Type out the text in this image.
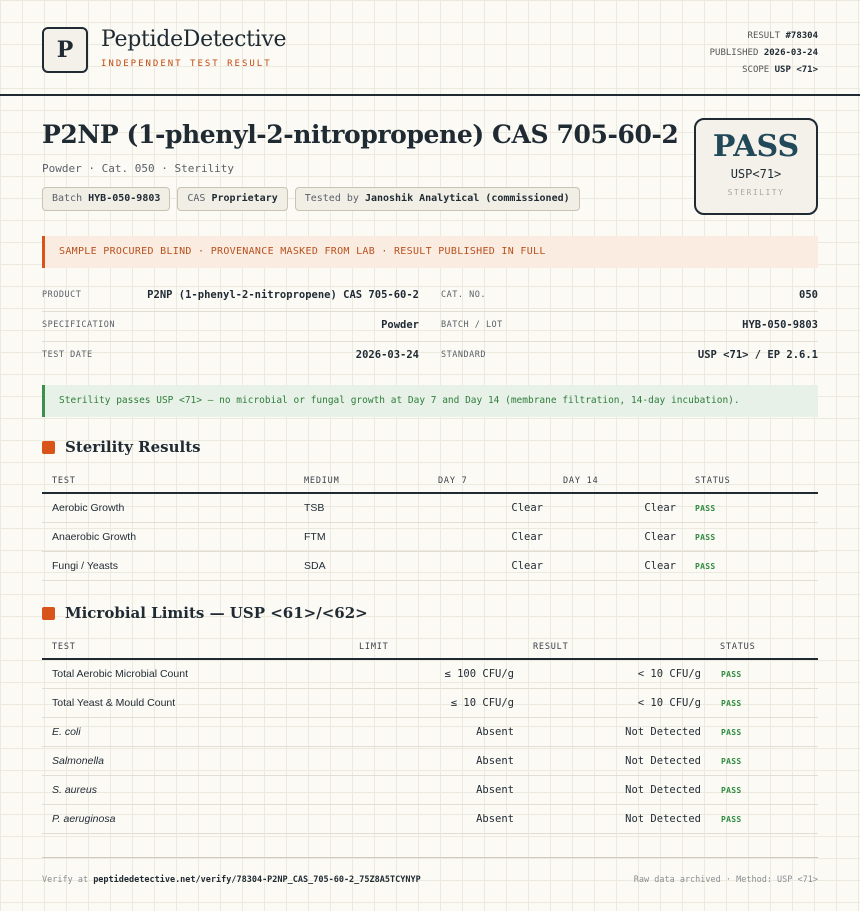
P	PeptideDetective
INDEPENDENT TEST RESULT
RESULT #78304
PUBLISHED 2026-03-24
SCOPE USP <71>
P2NP (1-phenyl-2-nitropropene) CAS 705-60-2
Powder · Cat. 050 · Sterility
Batch HYB-050-9803	CAS Proprietary	Tested by Janoshik Analytical (commissioned)
PASS
USP<71>
STERILITY
SAMPLE PROCURED BLIND · PROVENANCE MASKED FROM LAB · RESULT PUBLISHED IN FULL
PRODUCT	P2NP (1-phenyl-2-nitropropene) CAS 705-60-2	CAT. NO.	050
SPECIFICATION	Powder	BATCH / LOT	HYB-050-9803
TEST DATE	2026-03-24	STANDARD	USP <71> / EP 2.6.1
Sterility passes USP <71> — no microbial or fungal growth at Day 7 and Day 14 (membrane filtration, 14-day incubation).
Sterility Results
TEST	MEDIUM	DAY 7	DAY 14	STATUS
Aerobic Growth	TSB	Clear	Clear PASS
Anaerobic Growth	FTM	Clear	Clear PASS
Fungi / Yeasts	SDA	Clear	Clear PASS
Microbial Limits — USP <61>/<62>
TEST	LIMIT	RESULT	STATUS
Total Aerobic Microbial Count	≤ 100 CFU/g	< 10 CFU/g	PASS
Total Yeast & Mould Count	≤ 10 CFU/g	< 10 CFU/g	PASS
E. coli	Absent	Not Detected	PASS
Salmonella	Absent	Not Detected	PASS
S. aureus	Absent	Not Detected	PASS
P. aeruginosa	Absent	Not Detected	PASS
Verify at peptidedetective.net/verify/78304-P2NP_CAS_705-60-2_75Z8A5TCYNYP	Raw data archived · Method: USP <71>
